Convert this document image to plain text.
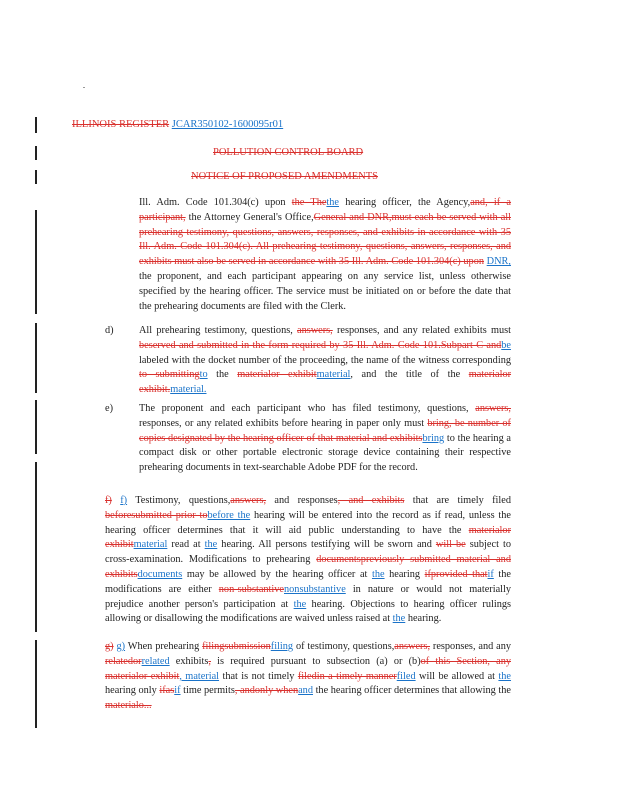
ILLINOIS REGISTER JCAR350102-1600095r01
POLLUTION CONTROL BOARD
NOTICE OF PROPOSED AMENDMENTS
Ill. Adm. Code 101.304(c) upon the Thethe hearing officer, the Agency,and, if a participant, the Attorney General's Office,General and DNR,must each be served with all prehearing testimony, questions, answers, responses, and exhibits in accordance with 35 Ill. Adm. Code 101.304(c). All prehearing testimony, questions, answers, responses, and exhibits must also be served in accordance with 35 Ill. Adm. Code 101.304(c) upon DNR, the proponent, and each participant appearing on any service list, unless otherwise specified by the hearing officer. The service must be initiated on or before the date that the prehearing documents are filed with the Clerk.
d) All prehearing testimony, questions, answers, responses, and any related exhibits must beserved and submitted in the form required by 35 Ill. Adm. Code 101.Subpart C andbe labeled with the docket number of the proceeding, the name of the witness corresponding to submittingto the materialor exhibitmaterial, and the title of the materialor exhibit.material.
e)	The proponent and each participant who has filed testimony, questions, answers, responses, or any related exhibits before hearing in paper only must bring, be number of copies designated by the hearing officer of that material and exhibitsbring to the hearing a compact disk or other portable electronic storage device containing their respective prehearing documents in text-searchable Adobe PDF for the record.
f) f) Testimony, questions,answers, and responses, and exhibits that are timely filed beforesubmitted prior tobefore the hearing will be entered into the record as if read, unless the hearing officer determines that it will aid public understanding to have the materialor exhibitmaterial read at the hearing. All persons testifying will be sworn and will be subject to cross-examination. Modifications to prehearing documentspreviously submitted material and exhibitsdocuments may be allowed by the hearing officer at the hearing ifprovided thatif the modifications are either non-substantivenonsubstantive in nature or would not materially prejudice another person's participation at the hearing. Objections to hearing officer rulings allowing or disallowing the modifications are waived unless raised at the hearing.
g) g) When prehearing filingsubmissionfiling of testimony, questions,answers, responses, and any relatedorrelated exhibits, is required pursuant to subsection (a) or (b)of this Section, any materialor exhibit, material that is not timely filedin a timely mannerfiled will be allowed at the hearing only ifasif time permits, andonly whenand the hearing officer determines that allowing the materialo...
